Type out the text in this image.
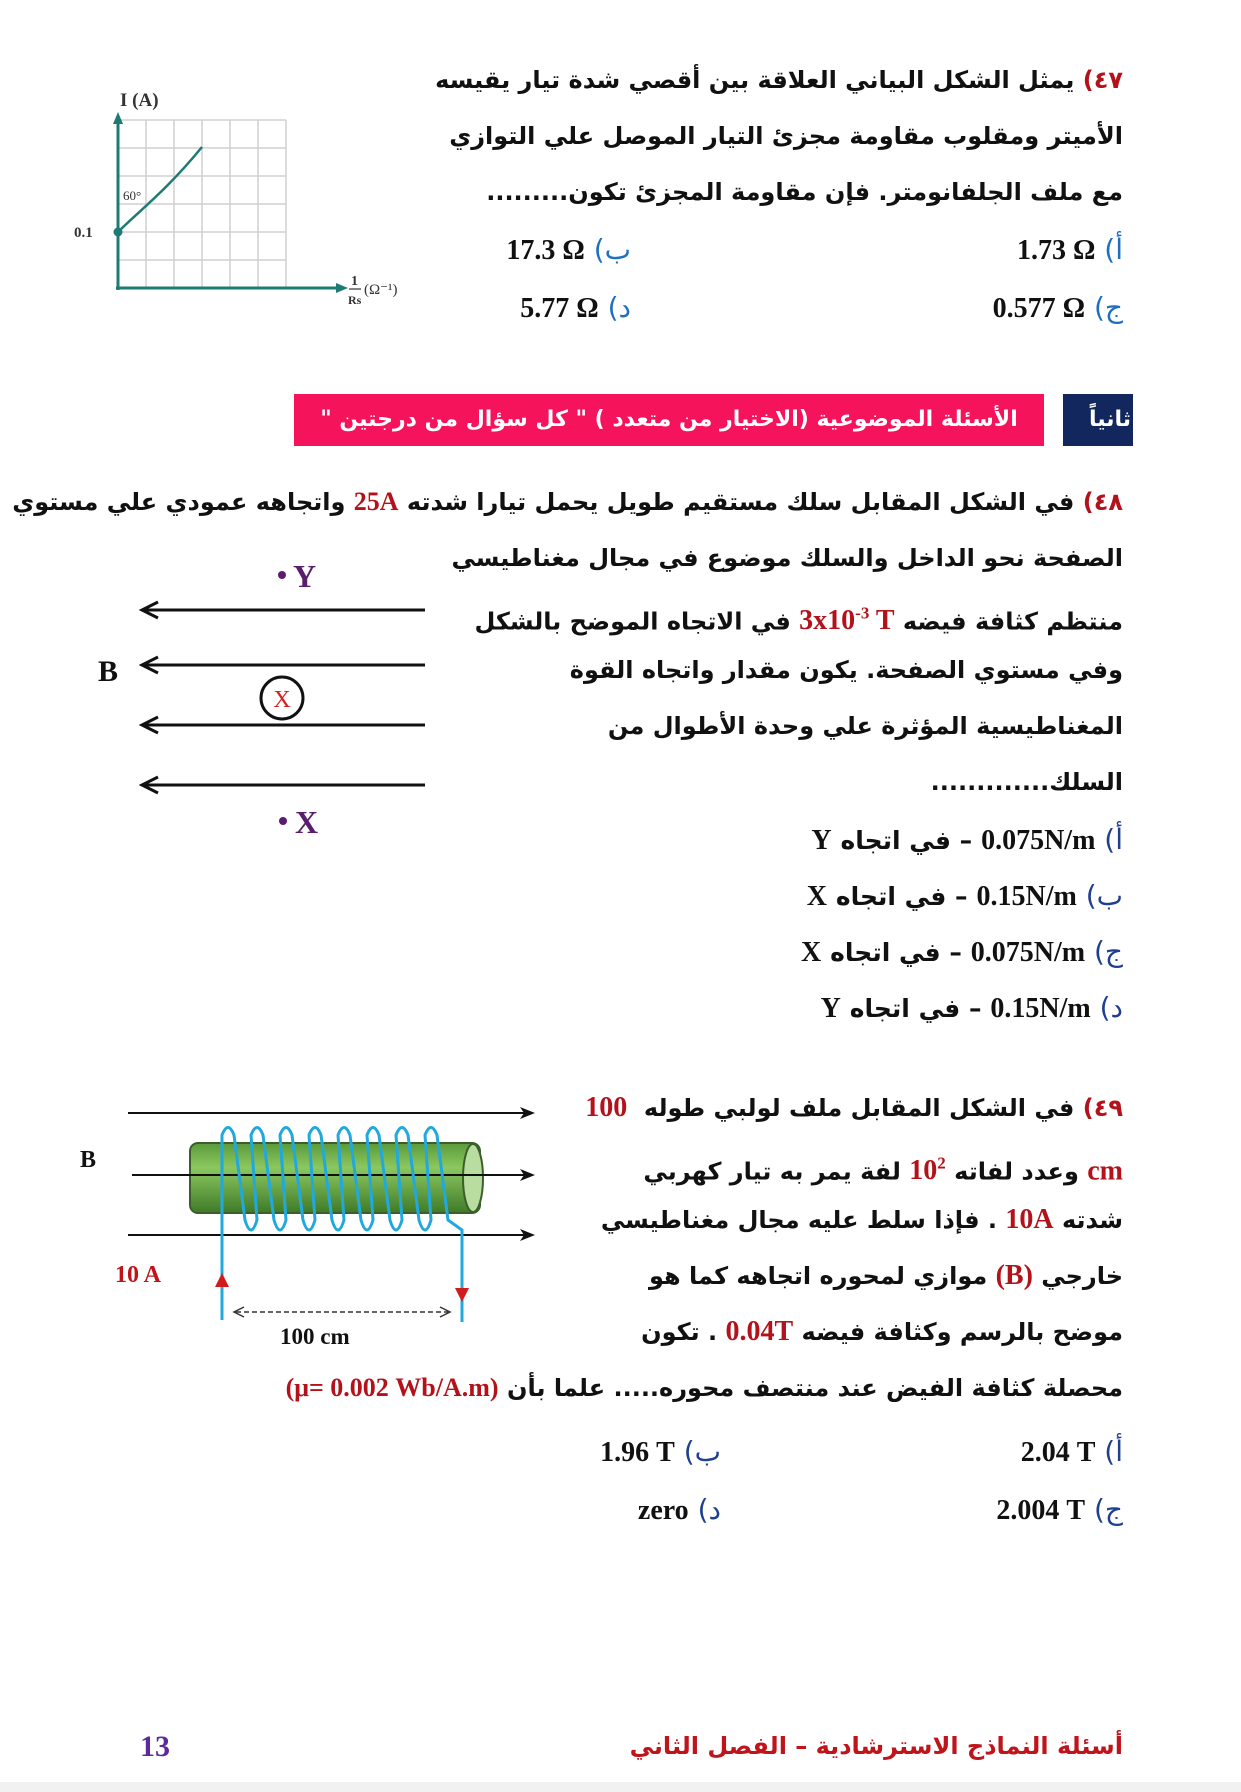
٤٧) يمثل الشكل البياني العلاقة بين أقصي شدة تيار يقيسه
الأميتر ومقلوب مقاومة مجزئ التيار الموصل علي التوازي
مع ملف الجلفانومتر. فإن مقاومة المجزئ تكون.........
أ) 1.73 Ω
ب) 17.3 Ω
ج) 0.577 Ω
د) 5.77 Ω
I (A)
0.1
60°
1
Rs
(Ω⁻¹)
الأسئلة الموضوعية (الاختيار من متعدد ) " كل سؤال من درجتين "	ثانياً
٤٨) في الشكل المقابل سلك مستقيم طويل يحمل تيارا شدته 25A واتجاهه عمودي علي مستوي
الصفحة نحو الداخل والسلك موضوع في مجال مغناطيسي
منتظم كثافة فيضه $3x10^{-3}$ T في الاتجاه الموضح بالشكل
وفي مستوي الصفحة. يكون مقدار واتجاه القوة
المغناطيسية المؤثرة علي وحدة الأطوال من
السلك.............
أ) 0.075N/m – في اتجاه Y
ب) 0.15N/m – في اتجاه X
ج) 0.075N/m – في اتجاه X
د) 0.15N/m – في اتجاه Y
B
Y
X
X
٤٩) في الشكل المقابل ملف لولبي طوله  100
cm وعدد لفاته $10^2$ لفة يمر به تيار كهربي
شدته 10A . فإذا سلط عليه مجال مغناطيسي
خارجي (B) موازي لمحوره اتجاهه كما هو
موضح بالرسم وكثافة فيضه 0.04T . تكون
محصلة كثافة الفيض عند منتصف محوره..... علما بأن (μ= 0.002 Wb/A.m)
أ) 2.04 T
ب) 1.96 T
ج) 2.004 T
د) zero
B
10 A
100 cm
أسئلة النماذج الاسترشادية – الفصل الثاني
13
